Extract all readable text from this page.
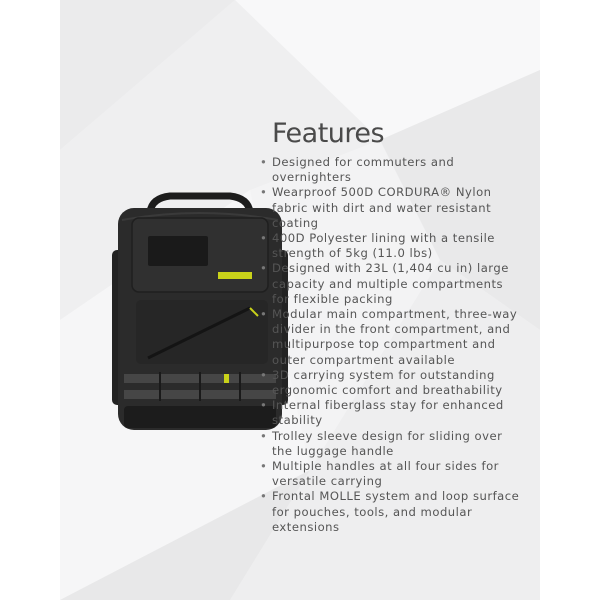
Features
• Designed for commuters and overnighters
• Wearproof 500D CORDURA® Nylon fabric with dirt and water resistant coating
• 400D Polyester lining with a tensile strength of 5kg (11.0 lbs)
• Designed with 23L (1,404 cu in) large capacity and multiple compartments for flexible packing
• Modular main compartment, three-way divider in the front compartment, and multipurpose top compartment and outer compartment available
• 3D carrying system for outstanding ergonomic comfort and breathability
• Internal fiberglass stay for enhanced stability
• Trolley sleeve design for sliding over the luggage handle
• Multiple handles at all four sides for versatile carrying
• Frontal MOLLE system and loop surface for pouches, tools, and modular extensions
